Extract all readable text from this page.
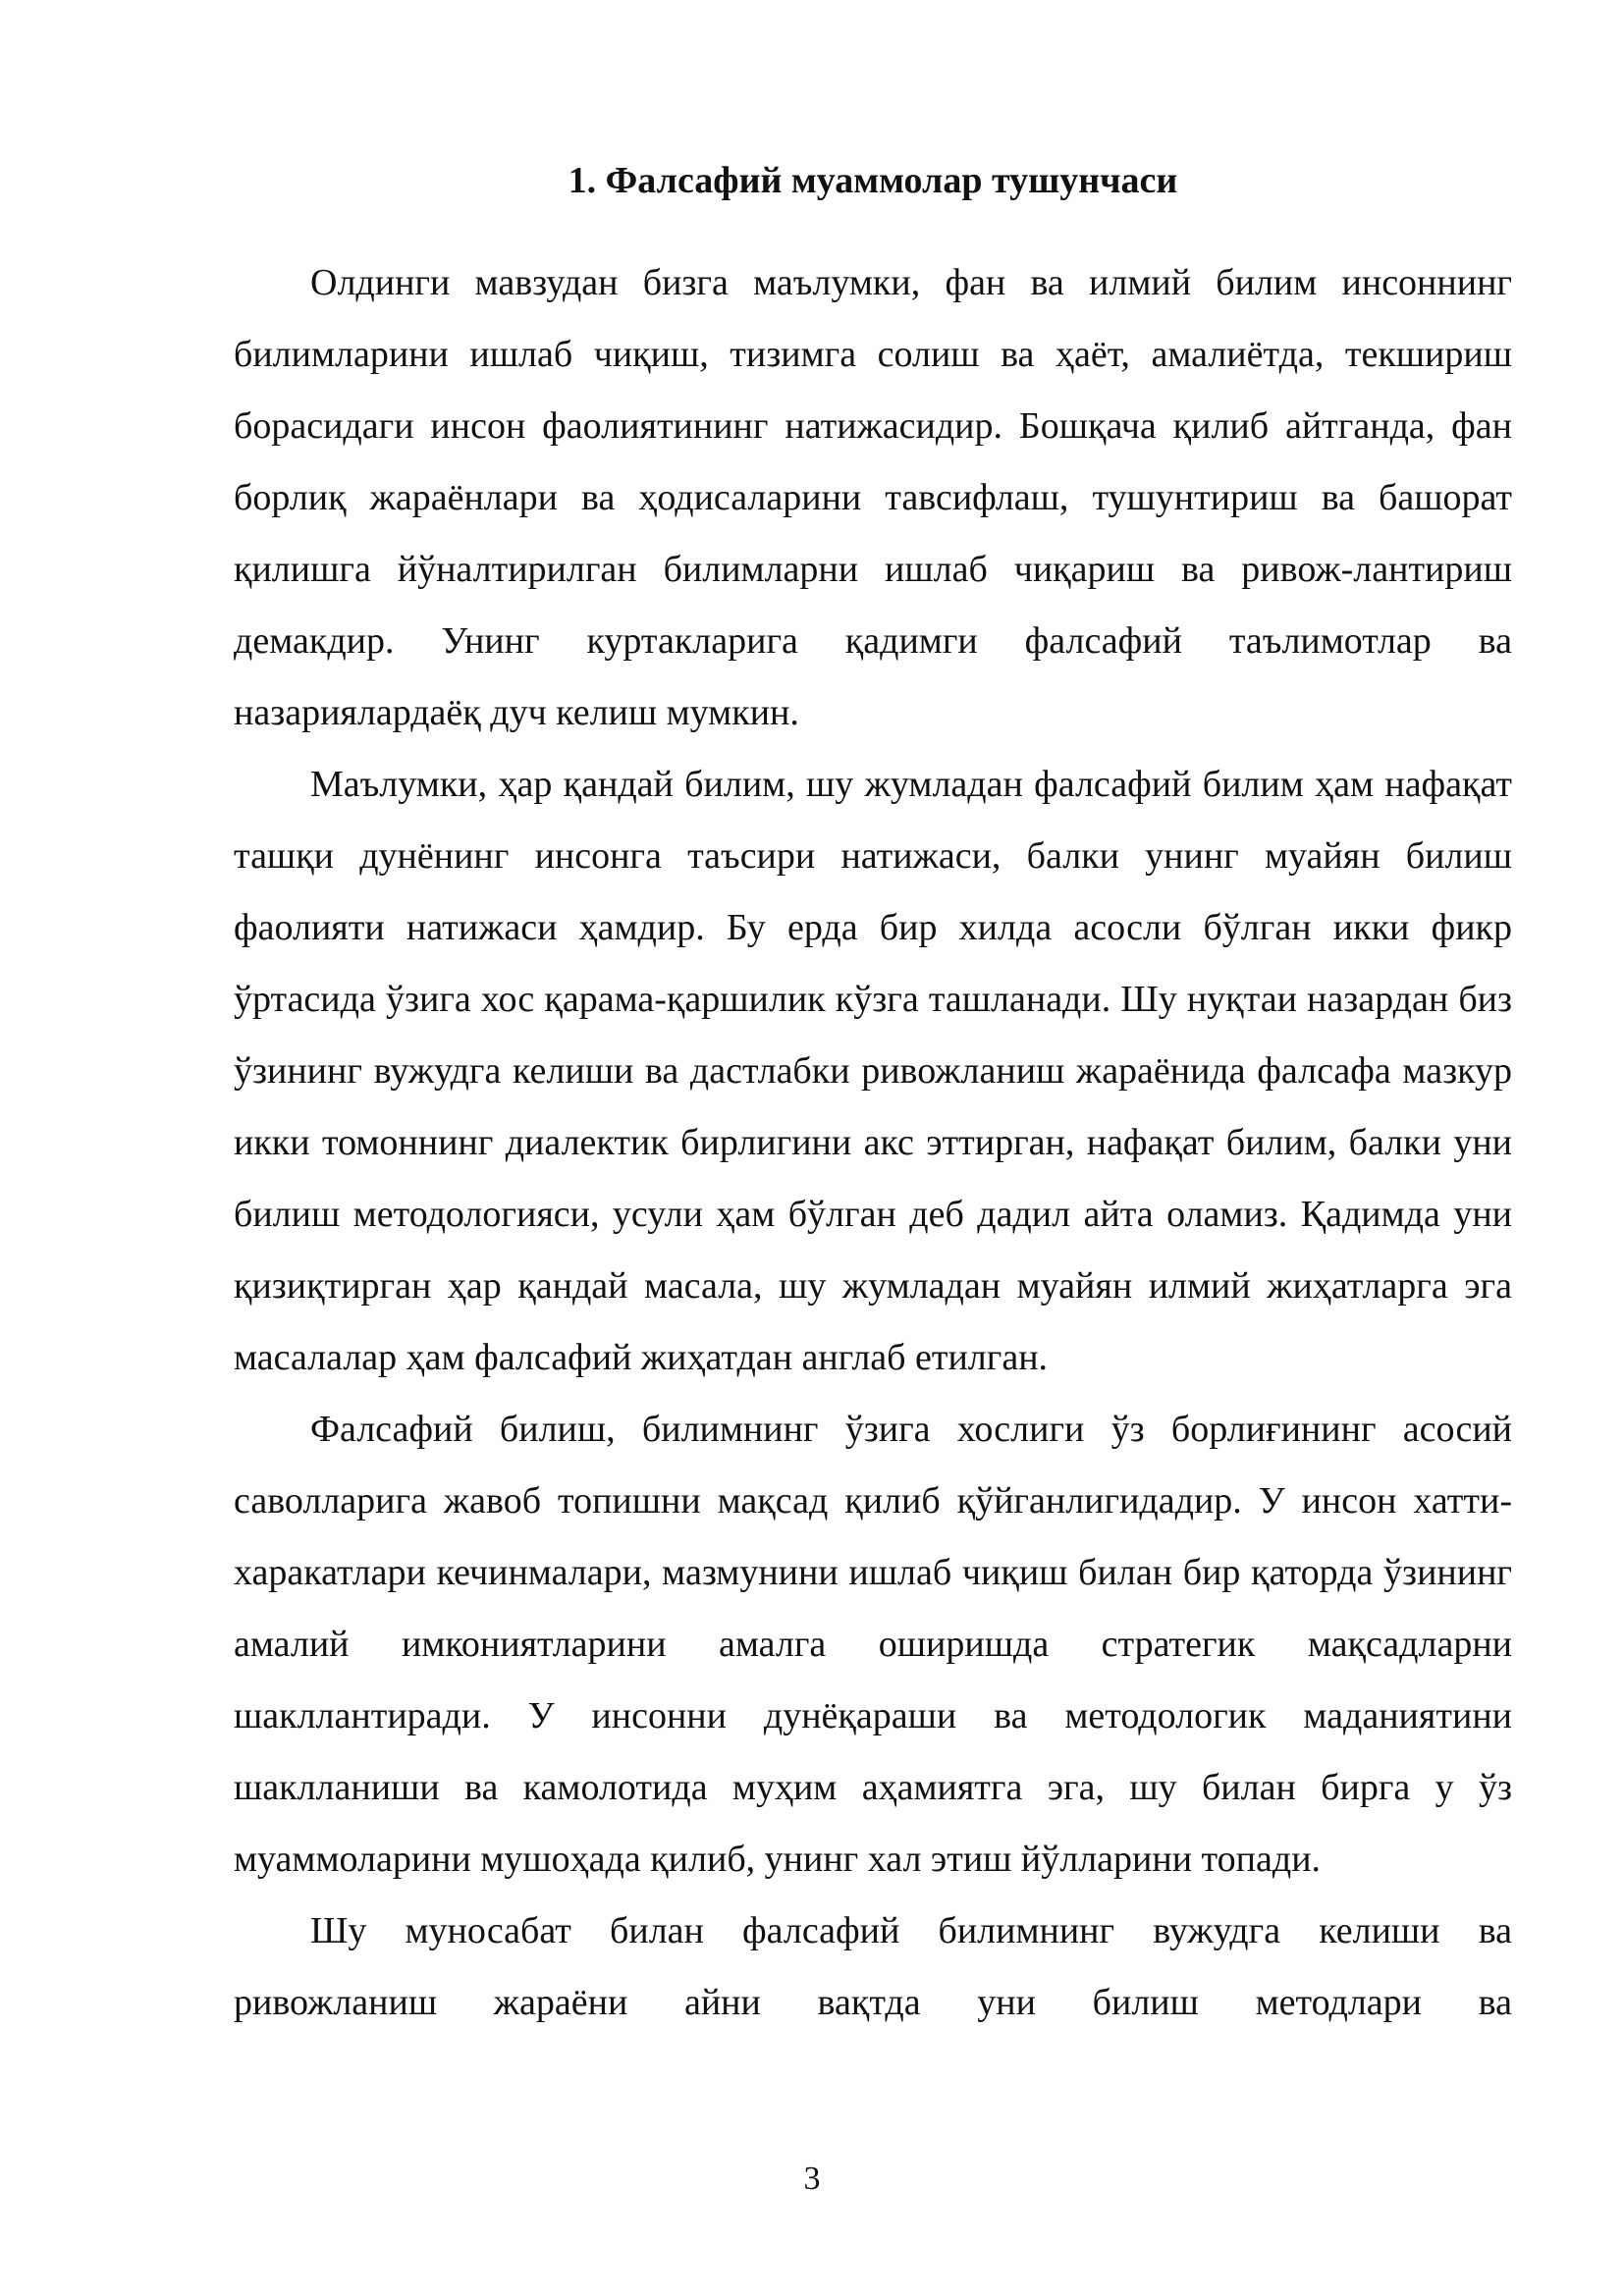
1. Фалсафий муаммолар тушунчаси

Олдинги мавзудан бизга маълумки, фан ва илмий билим инсоннинг билимларини ишлаб чиқиш, тизимга солиш ва ҳаёт, амалиётда, текшириш борасидаги инсон фаолиятининг натижасидир. Бошқача қилиб айтганда, фан борлиқ жараёнлари ва ҳодисаларини тавсифлаш, тушунтириш ва башорат қилишга йўналтирилган билимларни ишлаб чиқариш ва ривож-лантириш демакдир. Унинг куртакларига қадимги фалсафий таълимотлар ва назариялардаёқ дуч келиш мумкин.

Маълумки, ҳар қандай билим, шу жумладан фалсафий билим ҳам нафақат ташқи дунёнинг инсонга таъсири натижаси, балки унинг муайян билиш фаолияти натижаси ҳамдир. Бу ерда бир хилда асосли бўлган икки фикр ўртасида ўзига хос қарама-қаршилик кўзга ташланади. Шу нуқтаи назардан биз ўзининг вужудга келиши ва дастлабки ривожланиш жараёнида фалсафа мазкур икки томоннинг диалектик бирлигини акс эттирган, нафақат билим, балки уни билиш методологияси, усули ҳам бўлган деб дадил айта оламиз. Қадимда уни қизиқтирган ҳар қандай масала, шу жумладан муайян илмий жиҳатларга эга масалалар ҳам фалсафий жиҳатдан англаб етилган.

Фалсафий билиш, билимнинг ўзига хослиги ўз борлиғининг асосий саволларига жавоб топишни мақсад қилиб қўйганлигидадир. У инсон хатти-харакатлари кечинмалари, мазмунини ишлаб чиқиш билан бир қаторда ўзининг амалий имкониятларини амалга оширишда стратегик мақсадларни шакллантиради. У инсонни дунёқараши ва методологик маданиятини шаклланиши ва камолотида муҳим аҳамиятга эга, шу билан бирга у ўз муаммоларини мушоҳада қилиб, унинг хал этиш йўлларини топади.

Шу муносабат билан фалсафий билимнинг вужудга келиши ва ривожланиш жараёни айни вақтда уни билиш методлари ва

3
